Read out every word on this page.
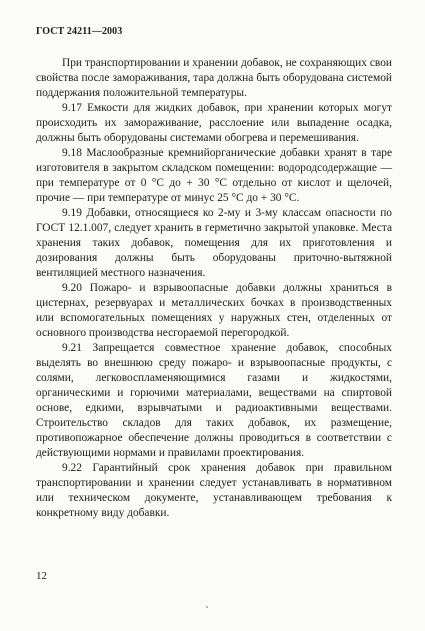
ГОСТ 24211—2003

При транспортировании и хранении добавок, не сохраняющих свои свойства после замораживания, тара должна быть оборудована системой поддержания положительной температуры.

9.17 Емкости для жидких добавок, при хранении которых могут происходить их замораживание, расслоение или выпадение осадка, должны быть оборудованы системами обогрева и перемешивания.

9.18 Маслообразные кремнийорганические добавки хранят в таре изготовителя в закрытом складском помещении: водородсодержащие — при температуре от 0 °С до + 30 °С отдельно от кислот и щелочей, прочие — при температуре от минус 25 °С до + 30 °С.

9.19 Добавки, относящиеся ко 2-му и 3-му классам опасности по ГОСТ 12.1.007, следует хранить в герметично закрытой упаковке. Места хранения таких добавок, помещения для их приготовления и дозирования должны быть оборудованы приточно-вытяжной вентиляцией местного назначения.

9.20 Пожаро- и взрывоопасные добавки должны храниться в цистернах, резервуарах и металлических бочках в производственных или вспомогательных помещениях у наружных стен, отделенных от основного производства несгораемой перегородкой.

9.21 Запрещается совместное хранение добавок, способных выделять во внешнюю среду пожаро- и взрывоопасные продукты, с солями, легковоспламеняющимися газами и жидкостями, органическими и горючими материалами, веществами на спиртовой основе, едкими, взрывчатыми и радиоактивными веществами. Строительство складов для таких добавок, их размещение, противопожарное обеспечение должны проводиться в соответствии с действующими нормами и правилами проектирования.

9.22 Гарантийный срок хранения добавок при правильном транспортировании и хранении следует устанавливать в нормативном или техническом документе, устанавливающем требования к конкретному виду добавки.

12
